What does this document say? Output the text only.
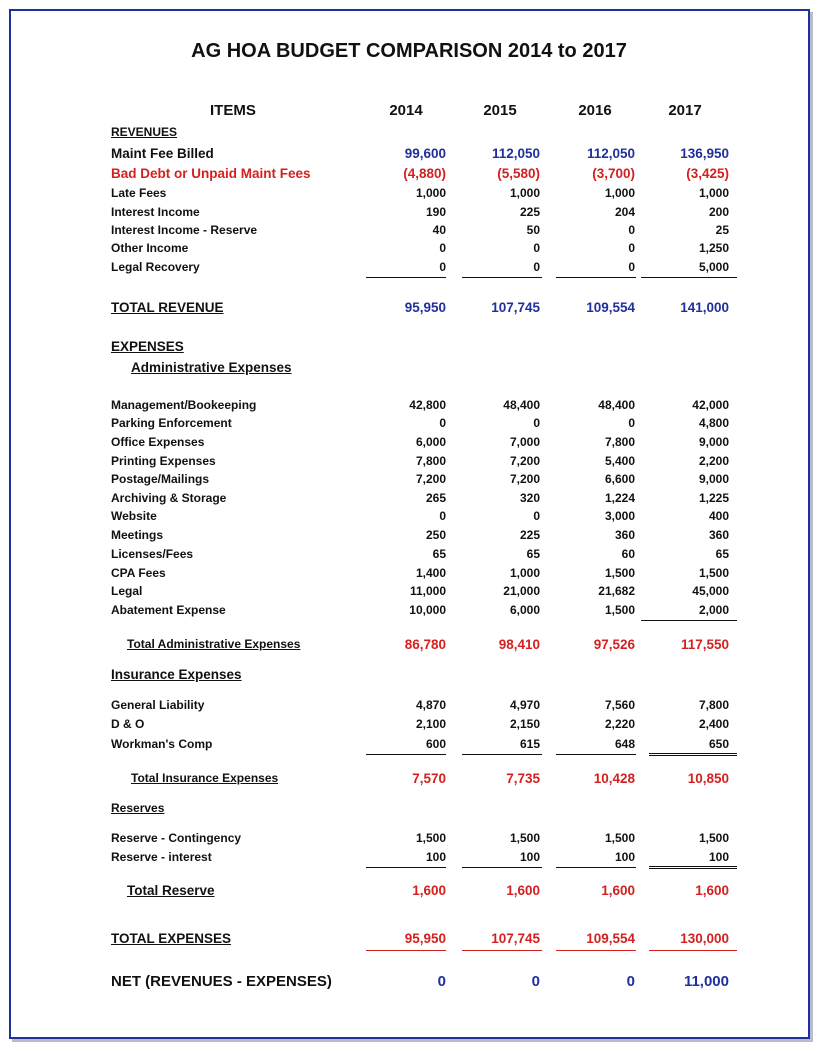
AG HOA BUDGET COMPARISON 2014 to 2017
ITEMS	2014	2015	2016	2017
REVENUES
Maint Fee Billed	99,600	112,050	112,050	136,950
Bad Debt or Unpaid Maint Fees	(4,880)	(5,580)	(3,700)	(3,425)
Late Fees	1,000	1,000	1,000	1,000
Interest Income	190	225	204	200
Interest Income - Reserve	40	50	0	25
Other Income	0	0	0	1,250
Legal Recovery	0	0	0	5,000
TOTAL REVENUE	95,950	107,745	109,554	141,000
EXPENSES
Administrative Expenses
Management/Bookeeping	42,800	48,400	48,400	42,000
Parking Enforcement	0	0	0	4,800
Office Expenses	6,000	7,000	7,800	9,000
Printing Expenses	7,800	7,200	5,400	2,200
Postage/Mailings	7,200	7,200	6,600	9,000
Archiving & Storage	265	320	1,224	1,225
Website	0	0	3,000	400
Meetings	250	225	360	360
Licenses/Fees	65	65	60	65
CPA Fees	1,400	1,000	1,500	1,500
Legal	11,000	21,000	21,682	45,000
Abatement Expense	10,000	6,000	1,500	2,000
Total Administrative Expenses	86,780	98,410	97,526	117,550
Insurance Expenses
General Liability	4,870	4,970	7,560	7,800
D & O	2,100	2,150	2,220	2,400
Workman's Comp	600	615	648	650
Total Insurance Expenses	7,570	7,735	10,428	10,850
Reserves
Reserve - Contingency	1,500	1,500	1,500	1,500
Reserve - interest	100	100	100	100
Total Reserve	1,600	1,600	1,600	1,600
TOTAL EXPENSES	95,950	107,745	109,554	130,000
NET (REVENUES - EXPENSES)	0	0	0	11,000
